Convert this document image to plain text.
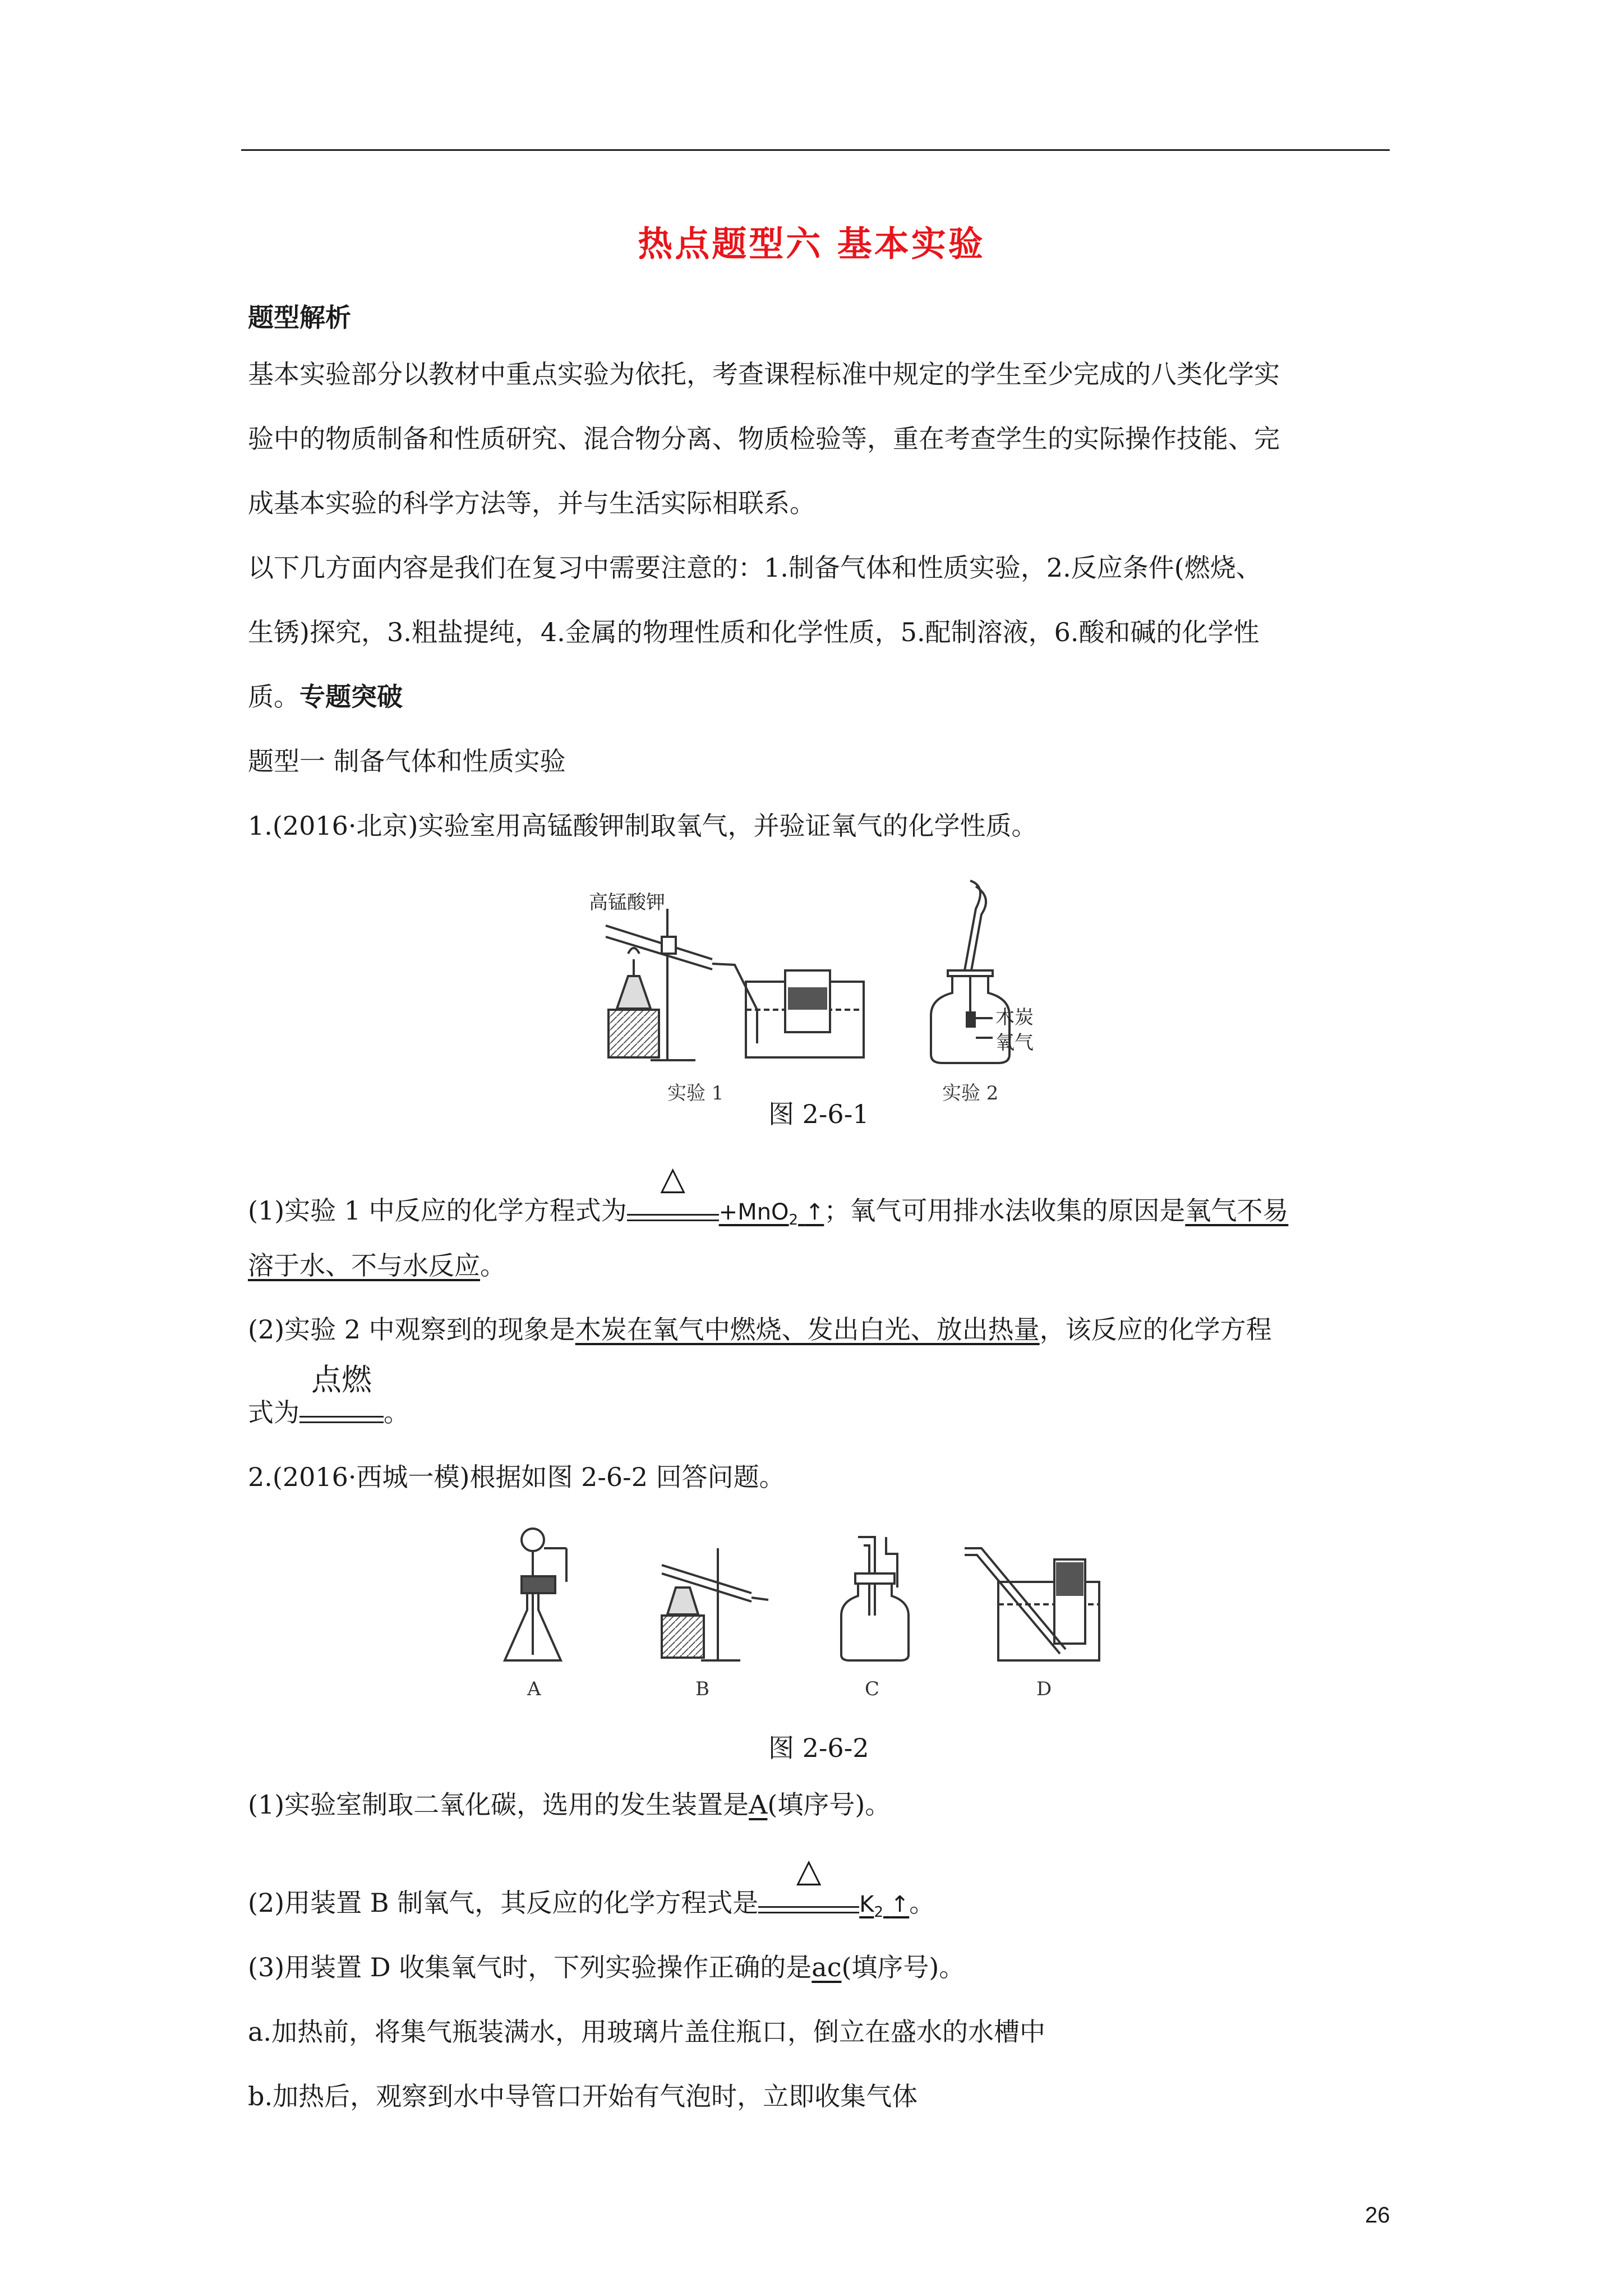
热点题型六 基本实验
题型解析
基本实验部分以教材中重点实验为依托，考查课程标准中规定的学生至少完成的八类化学实
验中的物质制备和性质研究、混合物分离、物质检验等，重在考查学生的实际操作技能、完
成基本实验的科学方法等，并与生活实际相联系。
以下几方面内容是我们在复习中需要注意的：1.制备气体和性质实验，2.反应条件(燃烧、
生锈)探究，3.粗盐提纯，4.金属的物理性质和化学性质，5.配制溶液，6.酸和碱的化学性
质。专题突破
题型一 制备气体和性质实验
1.(2016·北京)实验室用高锰酸钾制取氧气，并验证氧气的化学性质。
高锰酸钾
实验 1
木炭
氧气
实验 2
图 2-6-1
(1)实验 1 中反应的化学方程式为
△
+MnO$_2$ ↑；氧气可用排水法收集的原因是氧气不易
溶于水、不与水反应。
(2)实验 2 中观察到的现象是木炭在氧气中燃烧、发出白光、放出热量，该反应的化学方程
式为
点燃
。
2.(2016·西城一模)根据如图 2-6-2 回答问题。
A	B	C	D
图 2-6-2
(1)实验室制取二氧化碳，选用的发生装置是A(填序号)。
(2)用装置 B 制氧气，其反应的化学方程式是
△
$K_2$ ↑。
(3)用装置 D 收集氧气时，下列实验操作正确的是ac(填序号)。
a.加热前，将集气瓶装满水，用玻璃片盖住瓶口，倒立在盛水的水槽中
b.加热后，观察到水中导管口开始有气泡时，立即收集气体
26
